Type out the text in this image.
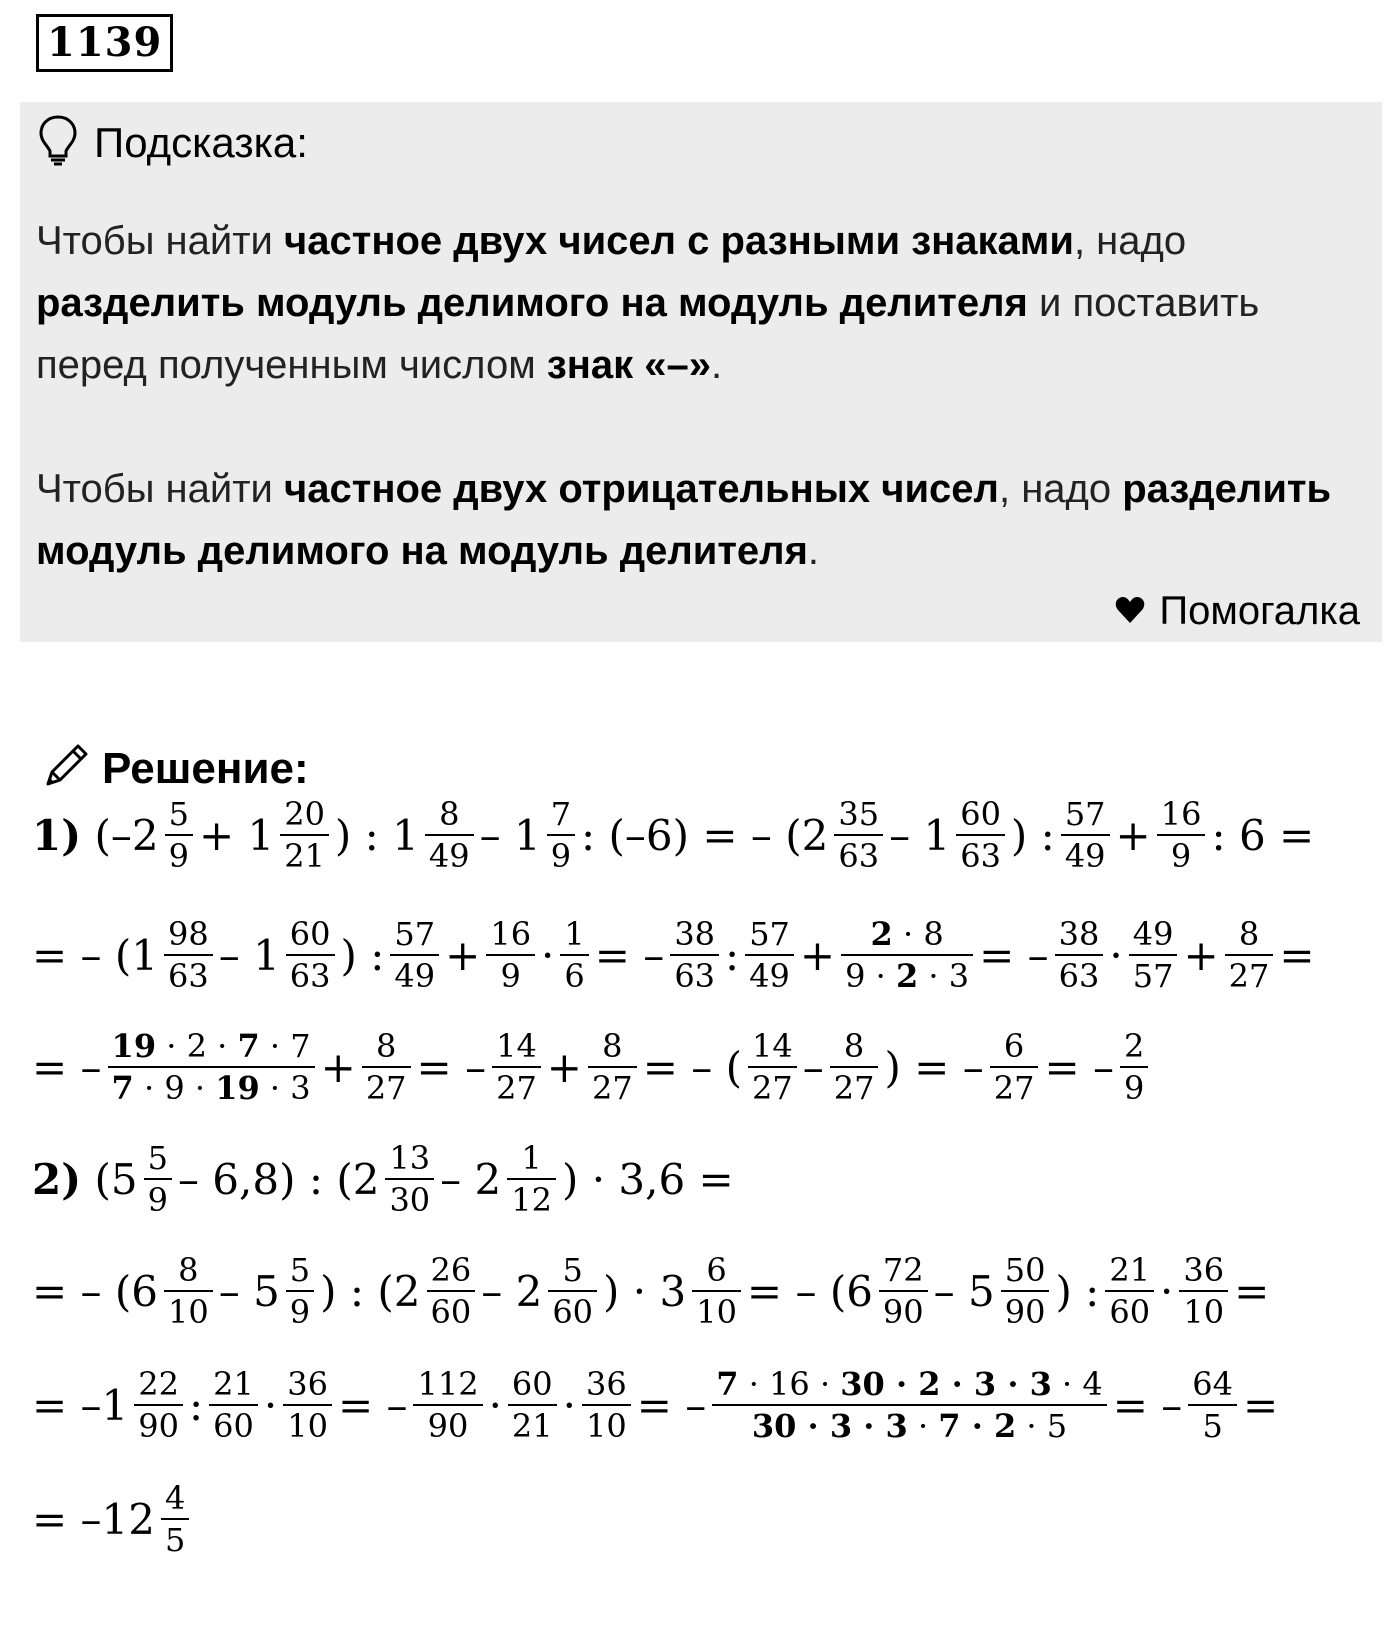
1139
Подсказка:

Чтобы найти частное двух чисел с разными знаками, надо разделить модуль делимого на модуль делителя и поставить перед полученным числом знак «–».

Чтобы найти частное двух отрицательных чисел, надо разделить модуль делимого на модуль делителя.

Помогалка
Решение:
1) (–2 5
9 + 1 20
21 ) : 1 8
49 – 1 7
9 : (–6) = – (2 35
63 – 1 60
63 ) : 57
49 + 16
9 : 6 =
= – (1 98
63 – 1 60
63 ) : 57
49 + 16
9 · 1
6 = – 38
63 : 57
49 + 2 · 8
9 · 2 · 3 = – 38
63 · 49
57 + 8
27 =
= – 19 · 2 · 7 · 7
7 · 9 · 19 · 3 + 8
27 = – 14
27 + 8
27 = – ( 14
27 – 8
27 ) = – 6
27 = – 2
9
2) (5 5
9 – 6,8) : (2 13
30 – 2 1
12 ) · 3,6 =
= – (6 8
10 – 5 5
9 ) : (2 26
60 – 2 5
60 ) · 3 6
10 = – (6 72
90 – 5 50
90 ) : 21
60 · 36
10 =
= –1 22
90 : 21
60 · 36
10 = – 112
90 · 60
21 · 36
10 = – 7 · 16 · 30 · 2 · 3 · 3 · 4
30 · 3 · 3 · 7 · 2 · 5 = – 64
5 =
= –12 4
5
